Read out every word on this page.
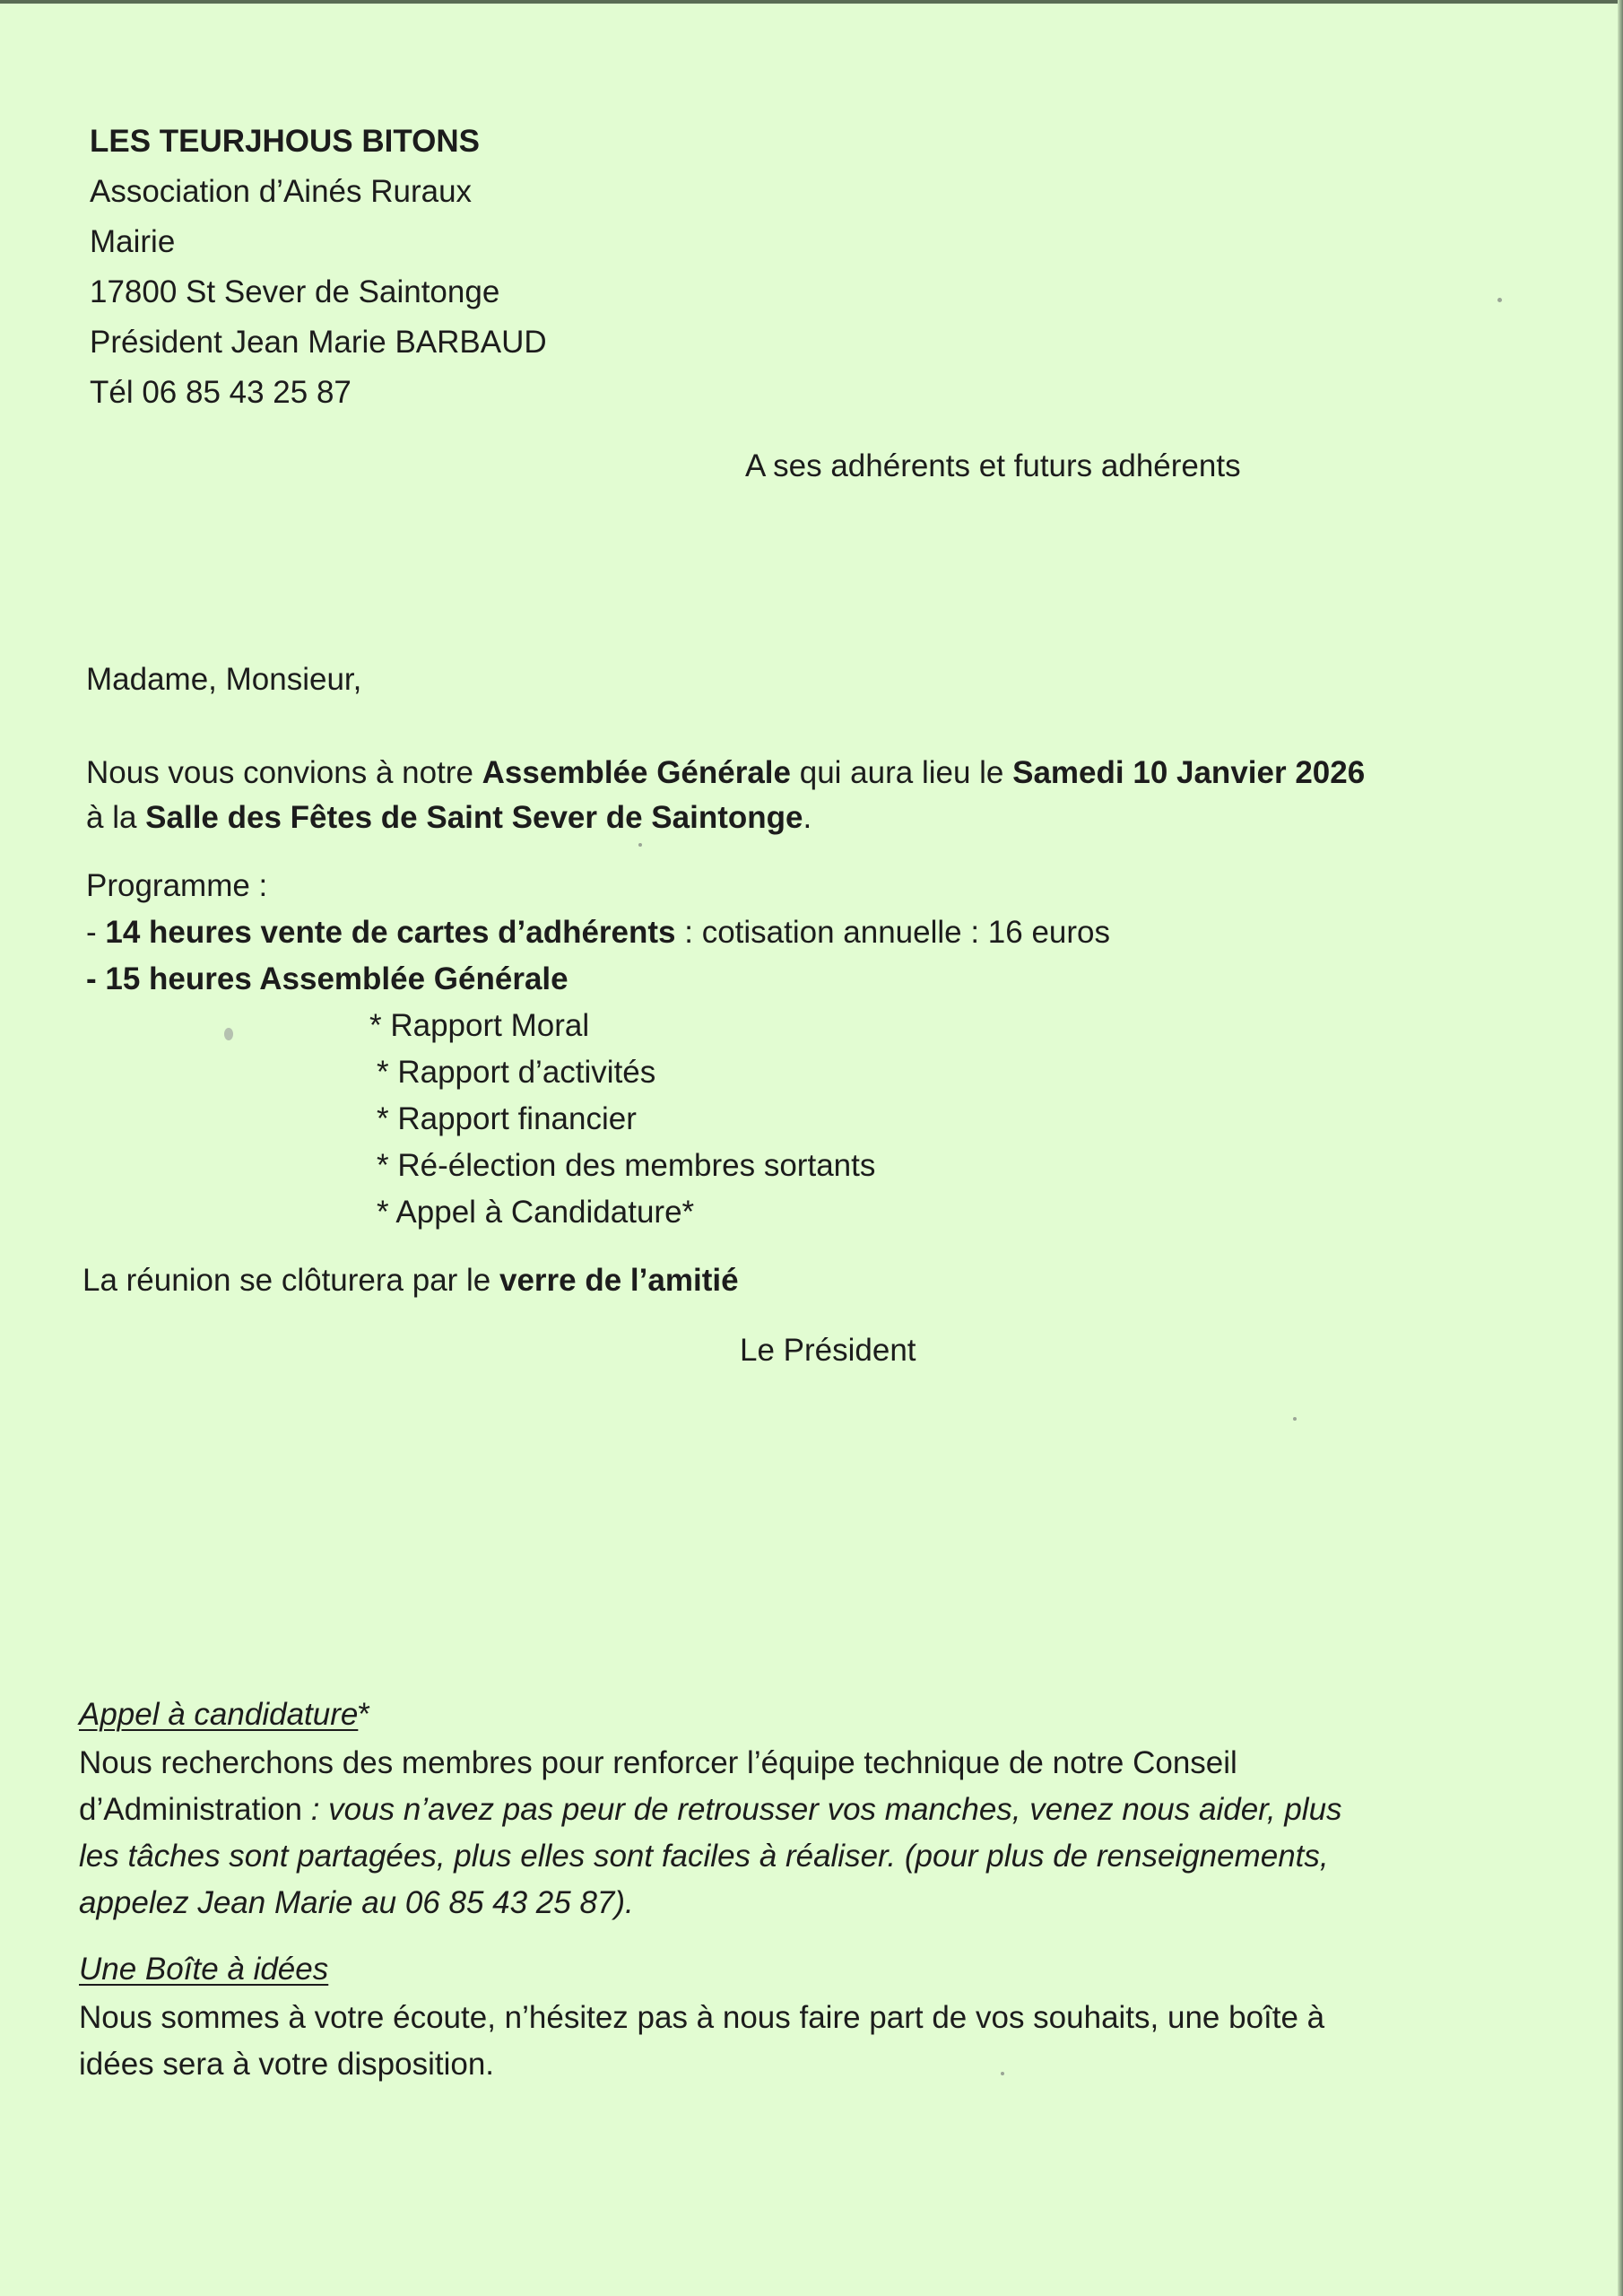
LES TEURJHOUS BITONS
Association d’Ainés Ruraux
Mairie
17800 St Sever de Saintonge
Président Jean Marie BARBAUD
Tél 06 85 43 25 87
A ses adhérents et futurs adhérents
Madame, Monsieur,
Nous vous convions à notre Assemblée Générale qui aura lieu le Samedi 10 Janvier 2026
à la Salle des Fêtes de Saint Sever de Saintonge.
Programme :
- 14 heures vente de cartes d’adhérents : cotisation annuelle : 16 euros
- 15 heures Assemblée Générale
* Rapport Moral
* Rapport d’activités
* Rapport financier
* Ré-élection des membres sortants
* Appel à Candidature*
La réunion se clôturera par le verre de l’amitié
Le Président
Appel à candidature*
Nous recherchons des membres pour renforcer l’équipe technique de notre Conseil
d’Administration : vous n’avez pas peur de retrousser vos manches, venez nous aider, plus
les tâches sont partagées, plus elles sont faciles à réaliser. (pour plus de renseignements,
appelez Jean Marie au 06 85 43 25 87).
Une Boîte à idées
Nous sommes à votre écoute, n’hésitez pas à nous faire part de vos souhaits, une boîte à
idées sera à votre disposition.
